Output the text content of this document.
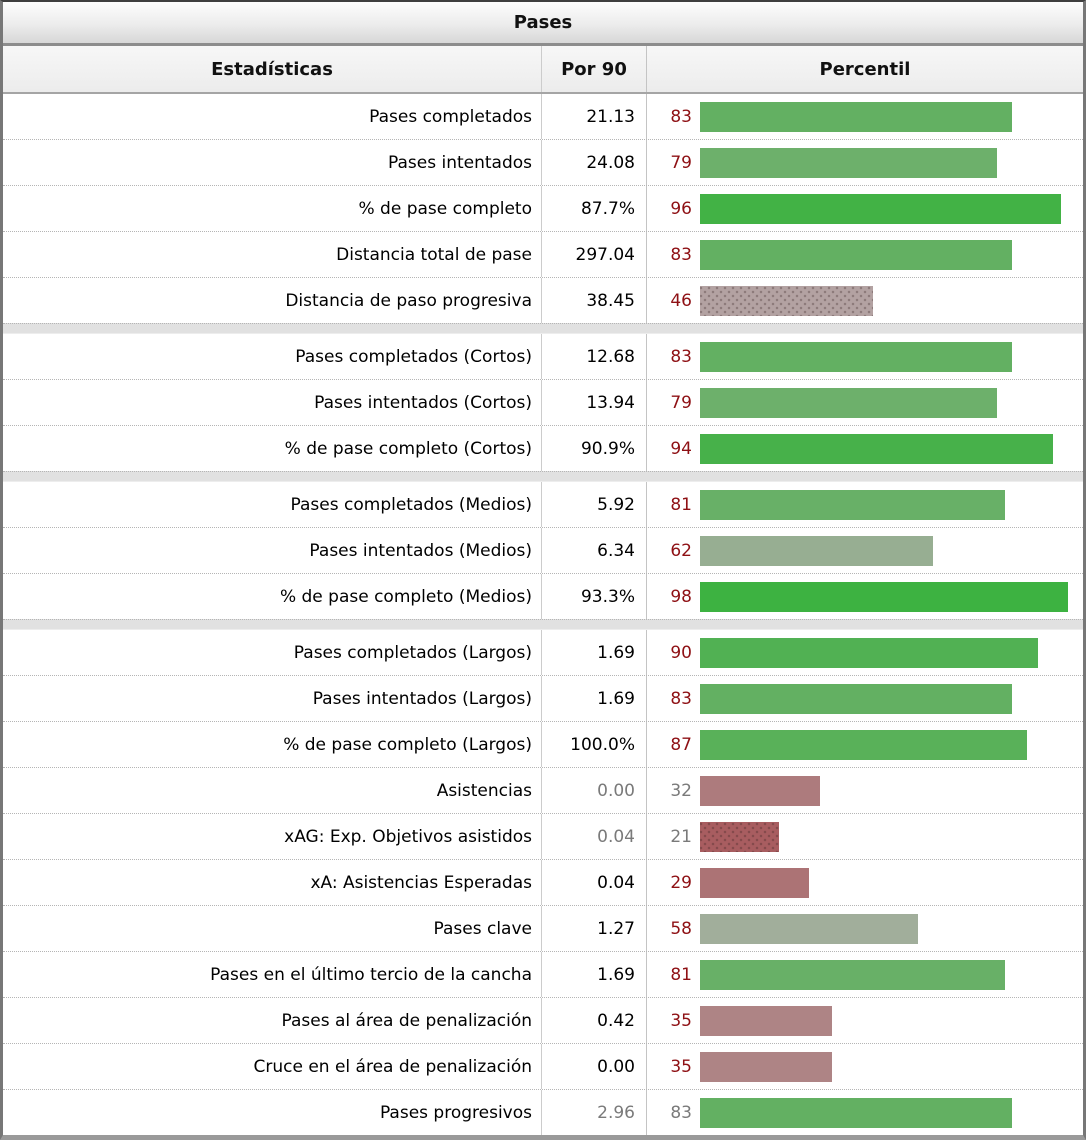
Pases
Estadísticas	Por 90	Percentil
Pases completados	21.13	83
Pases intentados	24.08	79
% de pase completo	87.7%	96
Distancia total de pase	297.04	83
Distancia de paso progresiva	38.45	46
Pases completados (Cortos)	12.68	83
Pases intentados (Cortos)	13.94	79
% de pase completo (Cortos)	90.9%	94
Pases completados (Medios)	5.92	81
Pases intentados (Medios)	6.34	62
% de pase completo (Medios)	93.3%	98
Pases completados (Largos)	1.69	90
Pases intentados (Largos)	1.69	83
% de pase completo (Largos)	100.0%	87
Asistencias	0.00	32
xAG: Exp. Objetivos asistidos	0.04	21
xA: Asistencias Esperadas	0.04	29
Pases clave	1.27	58
Pases en el último tercio de la cancha	1.69	81
Pases al área de penalización	0.42	35
Cruce en el área de penalización	0.00	35
Pases progresivos	2.96	83
